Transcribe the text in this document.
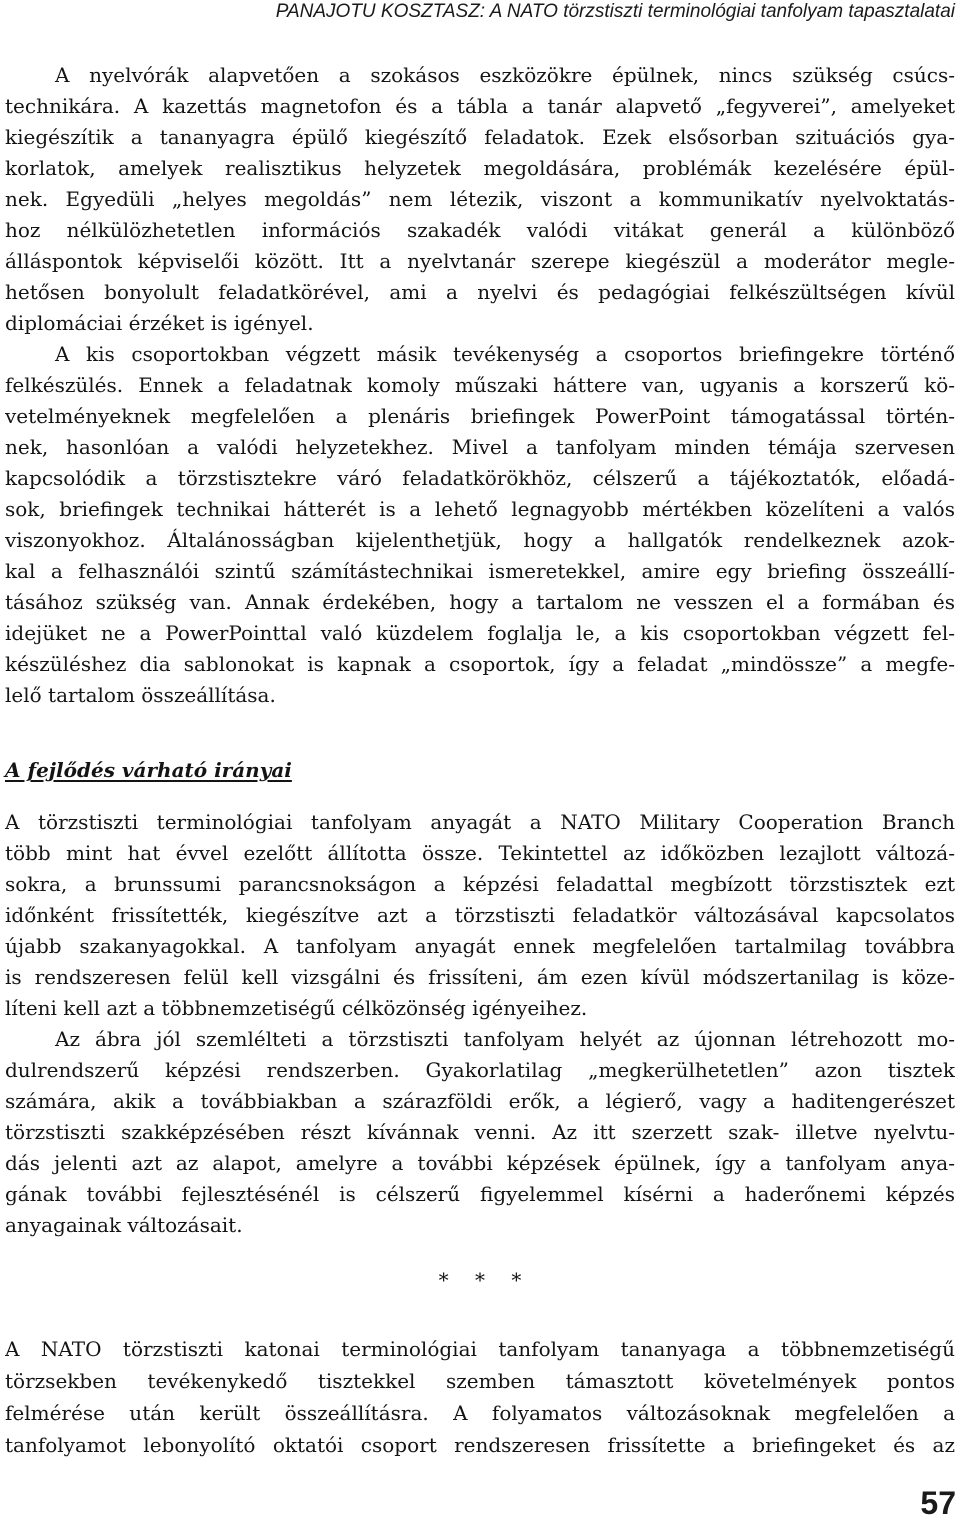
PANAJOTU KOSZTASZ: A NATO törzstiszti terminológiai tanfolyam tapasztalatai
A nyelvórák alapvetően a szokásos eszközökre épülnek, nincs szükség csúcs-
technikára. A kazettás magnetofon és a tábla a tanár alapvető „fegyverei”, amelyeket
kiegészítik a tananyagra épülő kiegészítő feladatok. Ezek elsősorban szituációs gya-
korlatok, amelyek realisztikus helyzetek megoldására, problémák kezelésére épül-
nek. Egyedüli „helyes megoldás” nem létezik, viszont a kommunikatív nyelvoktatás-
hoz nélkülözhetetlen információs szakadék valódi vitákat generál a különböző
álláspontok képviselői között. Itt a nyelvtanár szerepe kiegészül a moderátor megle-
hetősen bonyolult feladatkörével, ami a nyelvi és pedagógiai felkészültségen kívül
diplomáciai érzéket is igényel.
A kis csoportokban végzett másik tevékenység a csoportos briefingekre történő
felkészülés. Ennek a feladatnak komoly műszaki háttere van, ugyanis a korszerű kö-
vetelményeknek megfelelően a plenáris briefingek PowerPoint támogatással történ-
nek, hasonlóan a valódi helyzetekhez. Mivel a tanfolyam minden témája szervesen
kapcsolódik a törzstisztekre váró feladatkörökhöz, célszerű a tájékoztatók, előadá-
sok, briefingek technikai hátterét is a lehető legnagyobb mértékben közelíteni a valós
viszonyokhoz. Általánosságban kijelenthetjük, hogy a hallgatók rendelkeznek azok-
kal a felhasználói szintű számítástechnikai ismeretekkel, amire egy briefing összeállí-
tásához szükség van. Annak érdekében, hogy a tartalom ne vesszen el a formában és
idejüket ne a PowerPointtal való küzdelem foglalja le, a kis csoportokban végzett fel-
készüléshez dia sablonokat is kapnak a csoportok, így a feladat „mindössze” a megfe-
lelő tartalom összeállítása.
A fejlődés várható irányai
A törzstiszti terminológiai tanfolyam anyagát a NATO Military Cooperation Branch
több mint hat évvel ezelőtt állította össze. Tekintettel az időközben lezajlott változá-
sokra, a brunssumi parancsnokságon a képzési feladattal megbízott törzstisztek ezt
időnként frissítették, kiegészítve azt a törzstiszti feladatkör változásával kapcsolatos
újabb szakanyagokkal. A tanfolyam anyagát ennek megfelelően tartalmilag továbbra
is rendszeresen felül kell vizsgálni és frissíteni, ám ezen kívül módszertanilag is köze-
líteni kell azt a többnemzetiségű célközönség igényeihez.
Az ábra jól szemlélteti a törzstiszti tanfolyam helyét az újonnan létrehozott mo-
dulrendszerű képzési rendszerben. Gyakorlatilag „megkerülhetetlen” azon tisztek
számára, akik a továbbiakban a szárazföldi erők, a légierő, vagy a haditengerészet
törzstiszti szakképzésében részt kívánnak venni. Az itt szerzett szak- illetve nyelvtu-
dás jelenti azt az alapot, amelyre a további képzések épülnek, így a tanfolyam anya-
gának további fejlesztésénél is célszerű figyelemmel kísérni a haderőnemi képzés
anyagainak változásait.
* * *
A NATO törzstiszti katonai terminológiai tanfolyam tananyaga a többnemzetiségű
törzsekben tevékenykedő tisztekkel szemben támasztott követelmények pontos
felmérése után került összeállításra. A folyamatos változásoknak megfelelően a
tanfolyamot lebonyolító oktatói csoport rendszeresen frissítette a briefingeket és az
57
